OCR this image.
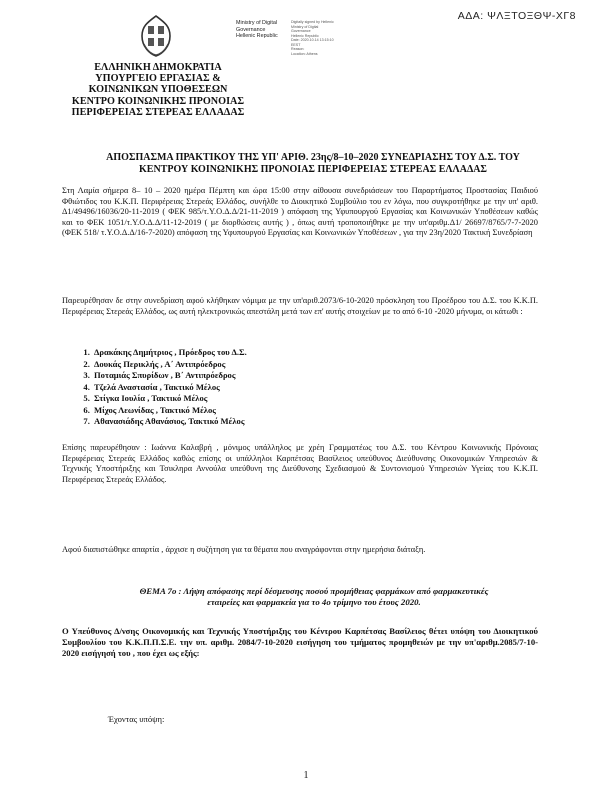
ΑΔΑ: ΨΛΞΤΟΞΘΨ-ΧΓ8
Ministry of Digital
Governance
Hellenic Republic
Digitally signed by Hellenic
Ministry of Digital
Governance
Hellenic Republic
Date: 2020.10.14 13:15:10
EEST
Reason:
Location: Athens
ΕΛΛΗΝΙΚΗ ΔΗΜΟΚΡΑΤΙΑ
ΥΠΟΥΡΓΕΙΟ ΕΡΓΑΣΙΑΣ &
ΚΟΙΝΩΝΙΚΩΝ ΥΠΟΘΕΣΕΩΝ
ΚΕΝΤΡΟ ΚΟΙΝΩΝΙΚΗΣ ΠΡΟΝΟΙΑΣ
ΠΕΡΙΦΕΡΕΙΑΣ ΣΤΕΡΕΑΣ ΕΛΛΑΔΑΣ
ΑΠΟΣΠΑΣΜΑ ΠΡΑΚΤΙΚΟΥ ΤΗΣ ΥΠ' ΑΡΙΘ. 23ης/8–10–2020 ΣΥΝΕΔΡΙΑΣΗΣ ΤΟΥ Δ.Σ. ΤΟΥ
ΚΕΝΤΡΟΥ ΚΟΙΝΩΝΙΚΗΣ ΠΡΟΝΟΙΑΣ ΠΕΡΙΦΕΡΕΙΑΣ ΣΤΕΡΕΑΣ ΕΛΛΑΔΑΣ
Στη Λαμία σήμερα 8– 10 – 2020 ημέρα Πέμπτη και ώρα 15:00 στην αίθουσα συνεδριάσεων του Παραρτήματος Προστασίας Παιδιού Φθιώτιδος του Κ.Κ.Π. Περιφέρειας Στερεάς Ελλάδος, συνήλθε το Διοικητικό Συμβούλιο του εν λόγω, που συγκροτήθηκε με την υπ' αριθ. Δ1/49496/16036/20-11-2019 ( ΦΕΚ 985/τ.Υ.Ο.Δ.Δ/21-11-2019 ) απόφαση της Υφυπουργού Εργασίας και Κοινωνικών Υποθέσεων καθώς και το ΦΕΚ 1051/τ.Υ.Ο.Δ.Δ/11-12-2019 ( με διορθώσεις αυτής ) , όπως αυτή τροποποιήθηκε με την υπ'αριθμ.Δ1/ 26697/8765/7-7-2020 (ΦΕΚ 518/ τ.Υ.Ο.Δ.Δ/16-7-2020) απόφαση της Υφυπουργού Εργασίας και Κοινωνικών Υποθέσεων , για την 23η/2020 Τακτική Συνεδρίαση
Παρευρέθησαν δε στην συνεδρίαση αφού κλήθηκαν νόμιμα με την υπ'αριθ.2073/6-10-2020 πρόσκληση του Προέδρου του Δ.Σ. του Κ.Κ.Π. Περιφέρειας Στερεάς Ελλάδος, ως αυτή ηλεκτρονικώς απεστάλη μετά των επ' αυτής στοιχείων με το από 6-10 -2020 μήνυμα, οι κάτωθι :
1. Δρακάκης Δημήτριος , Πρόεδρος του Δ.Σ.
2. Δουκάς Περικλής , Α΄ Αντιπρόεδρος
3. Ποταμιάς Σπυρίδων , Β΄ Αντιπρόεδρος
4. Τζελά Αναστασία , Τακτικό Μέλος
5. Στίγκα Ιουλία , Τακτικό Μέλος
6. Μίχος Λεωνίδας , Τακτικό Μέλος
7. Αθανασιάδης Αθανάσιος, Τακτικό Μέλος
Επίσης παρευρέθησαν : Ιωάννα Καλαβρή , μόνιμος υπάλληλος με χρέη Γραμματέως του Δ.Σ. του Κέντρου Κοινωνικής Πρόνοιας Περιφέρειας Στερεάς Ελλάδος καθώς επίσης οι υπάλληλοι Καρπέτσας Βασίλειος υπεύθυνος Διεύθυνσης Οικονομικών Υπηρεσιών & Τεχνικής Υποστήριξης και Τσικληρα Αννούλα υπεύθυνη της Διεύθυνσης Σχεδιασμού & Συντονισμού Υπηρεσιών Υγείας του Κ.Κ.Π. Περιφέρειας Στερεάς Ελλάδος.
Αφού διαπιστώθηκε απαρτία , άρχισε η συζήτηση για τα θέματα που αναγράφονται στην ημερήσια διάταξη.
ΘΕΜΑ 7ο : Λήψη απόφασης περί δέσμευσης ποσού προμήθειας φαρμάκων από φαρμακευτικές
εταιρείες και φαρμακεία για το 4ο τρίμηνο του έτους 2020.
Ο Υπεύθυνος Δ/νσης Οικονομικής και Τεχνικής Υποστήριξης του Κέντρου Καρπέτσας Βασίλειος θέτει υπόψη του Διοικητικού Συμβουλίου του Κ.Κ.Π.Π.Σ.Ε. την υπ. αριθμ. 2084/7-10-2020 εισήγηση του τμήματος προμηθειών με την υπ'αριθμ.2085/7-10-2020 εισήγησή του , που έχει ως εξής:
Έχοντας υπόψη:
1
